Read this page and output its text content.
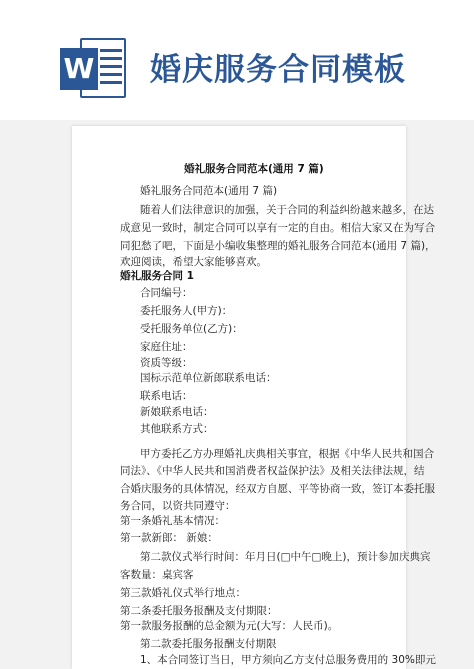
W 婚庆服务合同模板
婚礼服务合同范本(通用 7 篇)
婚礼服务合同范本(通用 7 篇)
随着人们法律意识的加强，关于合同的利益纠纷越来越多，在达
成意见一致时，制定合同可以享有一定的自由。相信大家又在为写合
同犯愁了吧，下面是小编收集整理的婚礼服务合同范本(通用 7 篇)，
欢迎阅读，希望大家能够喜欢。
婚礼服务合同 1
合同编号：
委托服务人(甲方)：
受托服务单位(乙方)：
家庭住址：
资质等级：
国标示范单位新郎联系电话：
联系电话：
新娘联系电话：
其他联系方式：
甲方委托乙方办理婚礼庆典相关事宜，根据《中华人民共和国合
同法》、《中华人民共和国消费者权益保护法》及相关法律法规，结
合婚庆服务的具体情况，经双方自愿、平等协商一致，签订本委托服
务合同，以资共同遵守：
第一条婚礼基本情况：
第一款新郎： 新娘：
第二款仪式举行时间：年月日(□中午□晚上)，预计参加庆典宾
客数量：桌宾客
第三款婚礼仪式举行地点：
第二条委托服务报酬及支付期限：
第一款服务报酬的总金额为元(大写：人民币)。
第二款委托服务报酬支付期限
1、本合同签订当日，甲方须向乙方支付总服务费用的 30%即元
